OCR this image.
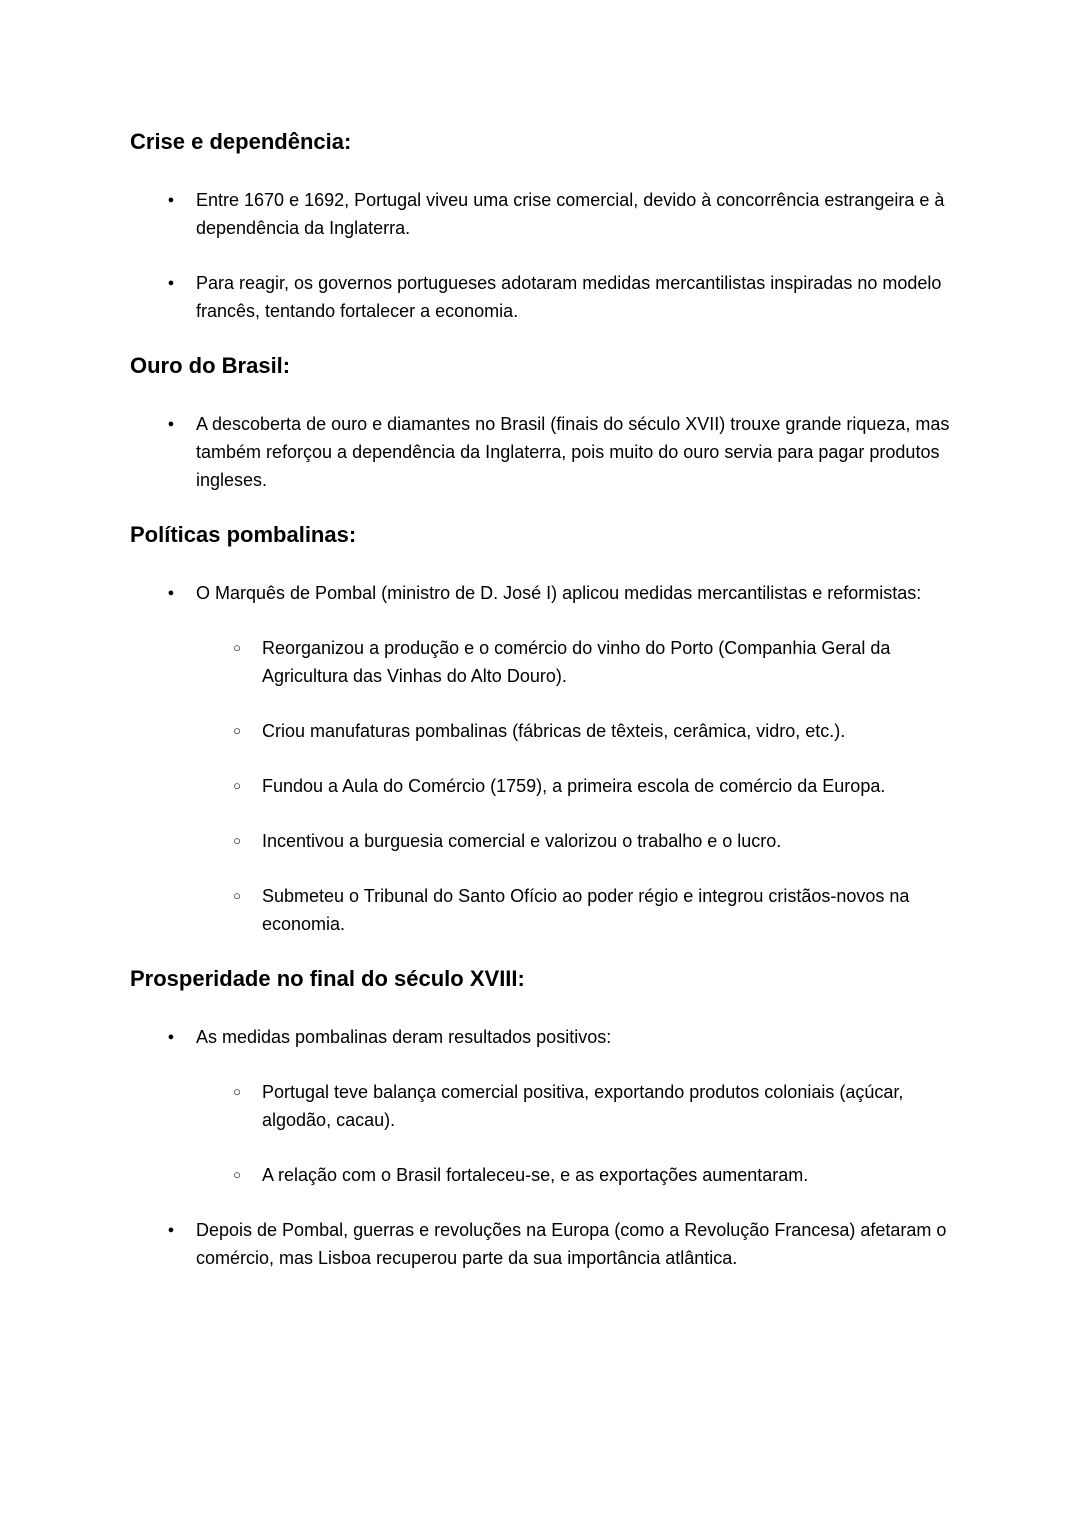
Crise e dependência:
●	Entre 1670 e 1692, Portugal viveu uma crise comercial, devido à concorrência estrangeira e à dependência da Inglaterra.
●	Para reagir, os governos portugueses adotaram medidas mercantilistas inspiradas no modelo francês, tentando fortalecer a economia.
Ouro do Brasil:
●	A descoberta de ouro e diamantes no Brasil (finais do século XVII) trouxe grande riqueza, mas também reforçou a dependência da Inglaterra, pois muito do ouro servia para pagar produtos ingleses.
Políticas pombalinas:
●	O Marquês de Pombal (ministro de D. José I) aplicou medidas mercantilistas e reformistas:
○	Reorganizou a produção e o comércio do vinho do Porto (Companhia Geral da Agricultura das Vinhas do Alto Douro).
○	Criou manufaturas pombalinas (fábricas de têxteis, cerâmica, vidro, etc.).
○	Fundou a Aula do Comércio (1759), a primeira escola de comércio da Europa.
○	Incentivou a burguesia comercial e valorizou o trabalho e o lucro.
○	Submeteu o Tribunal do Santo Ofício ao poder régio e integrou cristãos-novos na economia.
Prosperidade no final do século XVIII:
●	As medidas pombalinas deram resultados positivos:
○	Portugal teve balança comercial positiva, exportando produtos coloniais (açúcar, algodão, cacau).
○	A relação com o Brasil fortaleceu-se, e as exportações aumentaram.
●	Depois de Pombal, guerras e revoluções na Europa (como a Revolução Francesa) afetaram o comércio, mas Lisboa recuperou parte da sua importância atlântica.
